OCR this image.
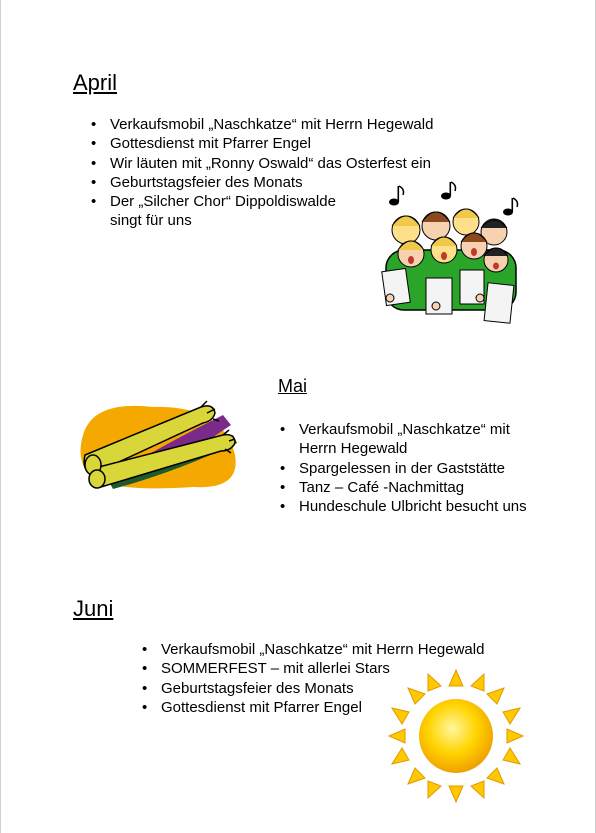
April
• Verkaufsmobil „Naschkatze“ mit Herrn Hegewald
• Gottesdienst mit Pfarrer Engel
• Wir läuten mit „Ronny Oswald“ das Osterfest ein
• Geburtstagsfeier des Monats
• Der „Silcher Chor“ Dippoldiswalde singt für uns
Mai
• Verkaufsmobil „Naschkatze“ mit Herrn Hegewald
• Spargelessen in der Gaststätte
• Tanz – Café -Nachmittag
• Hundeschule Ulbricht besucht uns
Juni
• Verkaufsmobil „Naschkatze“ mit Herrn Hegewald
• SOMMERFEST – mit allerlei Stars
• Geburtstagsfeier des Monats
• Gottesdienst mit Pfarrer Engel
